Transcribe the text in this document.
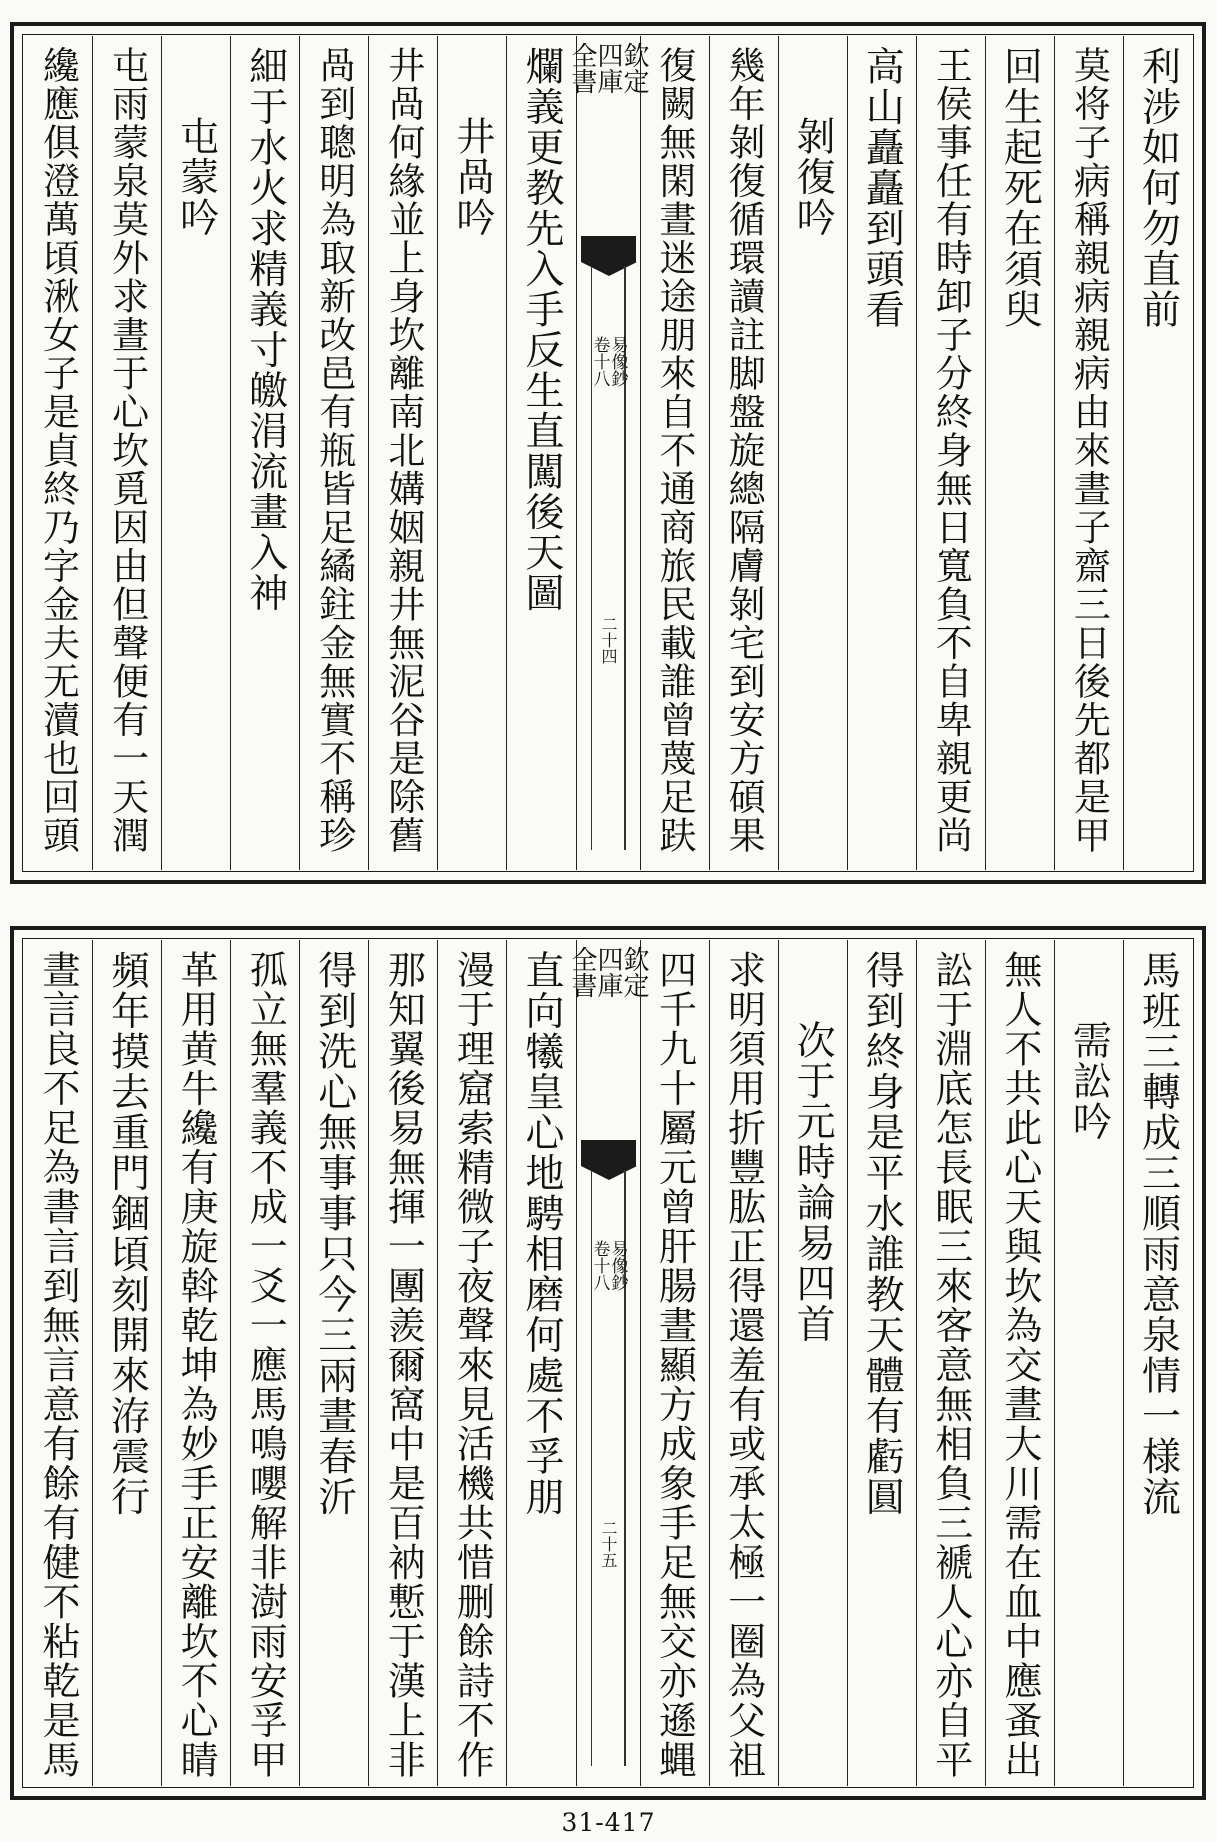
利涉如何勿直前
莫将子病稱親病親病由來晝子齋三日後先都是甲
回生起死在須臾
王侯事任有時卸子分終身無日寬負不自卑親更尚
高山矗矗到頭看
剝復吟
幾年剝復循環讀註脚盤旋總隔膚剝宅到安方碩果
復闕無閑晝迷途朋來自不通商旅民載誰曾蔑足趺
欽定
四庫
全書
易像鈔
卷十八
二十四
爛義更教先入手反生直闖後天圖
井咼吟
井咼何緣並上身坎離南北媾姻親井無泥谷是除舊
咼到聰明為取新改邑有瓶皆足繘鉒金無實不稱珍
細于水火求精義寸皦涓流畫入神
屯蒙吟
屯雨蒙泉莫外求晝于心坎覓因由但聲便有一天潤
纔應俱澄萬頃湫女子是貞終乃字金夫无瀆也回頭
馬班三轉成三順雨意泉情一様流
需訟吟
無人不共此心天與坎為交晝大川需在血中應蚤出
訟于淵底怎長眠三來客意無相負三褫人心亦自平
得到終身是平水誰教天體有虧圓
次于元時論易四首
求明須用折豐肱正得還羞有或承太極一圈為父祖
四千九十屬元曾肝腸晝顯方成象手足無交亦遜蝿
欽定
四庫
全書
易像鈔
卷十八
二十五
直向犧皇心地騁相磨何處不孚朋
漫于理窟索精微子夜聲來見活機共惜删餘詩不作
那知翼後易無揮一團羨爾窩中是百衲慙于漢上非
得到洗心無事事只今三兩晝春沂
孤立無羣義不成一爻一應馬鳴嚶解非澍雨安孚甲
革用黄牛纔有庚旋斡乾坤為妙手正安離坎不心睛
頻年摸去重門錮頃刻開來洊震行
晝言良不足為書言到無言意有餘有健不粘乾是馬
31-417
